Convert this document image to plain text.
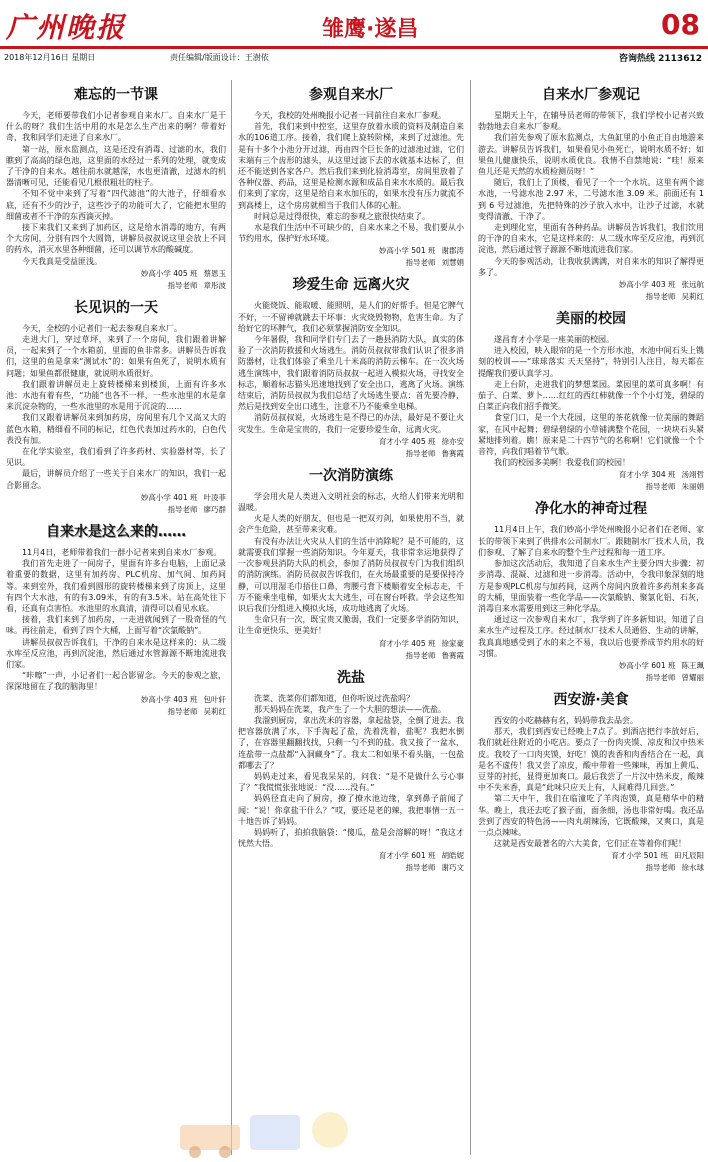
广州晚报	雏鹰·遂昌	08
2018年12月16日 星期日	责任编辑/版面设计：王澍依	咨询热线 2113612
难忘的一节课

今天，老师要带我们小记者参观自来水厂。自来水厂是干什么的呀？我们生活中用的水是怎么生产出来的啊？带着好奇，我和同学们走进了自来水厂。

第一站，原水监测点，这是还没有消毒、过滤的水，我们瞧到了高高的绿色池，这里面的水经过一系列的处理，就变成了干净的自来水。越往前水就越深，水也更清澈，过滤水的机器清晰可见，还能看见几根很粗壮的柱子。

不知不觉中来到了写着“四代滤池”的大池子，仔细看水底，还有不少的沙子，这些沙子的功能可大了，它能把水里的细菌或者不干净的东西滴灭掉。

接下来我们又来到了加药区，这是给水消毒的地方，有两个大房间，分别有四个大圆筒，讲解员叔叔说这里会放上不同的药水，消灭水里各种细菌，还可以调节水的酸碱度。

今天我真是受益匪浅。

妙高小学 405 班 蔡恩玉
指导老师 章彤波
长见识的一天

今天，全校的小记者们一起去参观自来水厂。

走进大门，穿过草坪，来到了一个房间，我们跟着讲解员，一起来到了一个水箱前，里面的鱼非常多。讲解员告诉我们，这里的鱼是拿来“测试水”的：如果有鱼死了，说明水质有问题；如果鱼都很健康，就说明水质很好。

我们跟着讲解员走上旋转楼梯来到楼顶，上面有许多水池：水池有着有些，“功能”也各不一样，一些水池里的水是拿来沉淀杂物的，一些水池里的水是用于沉淀的……

我们又跟着讲解员来到加药房，房间里有几个又高又大的蓝色水箱，精细看不同的标记，红色代表加过药水的，白色代表没有加。

在化学实验室，我们看到了许多药材、实验器材等，长了见识。

最后，讲解员介绍了一些关于自来水厂的知识，我们一起合影留念。

妙高小学 401 班 叶凌菲
指导老师 廖巧群
自来水是这么来的……

11月4日，老师带着我们一群小记者来到自来水厂参观。

我们首先走进了一间房子，里面有许多台电脑，上面记录着重要的数据，这里有加药房、PLC机房、加气间、加药间等。来到室外，我们看到圆形的旋转楼梯来到了房顶上，这里有四个大水池，有的有3.09米，有的有3.5米。站在高处往下看，还真有点害怕。水池里的水真清，清得可以看见水底。

接着，我们来到了加药房，一走进就闻到了一股奇怪的气味。再往前走，看到了四个大桶，上面写着“次氯酸钠”。

讲解员叔叔告诉我们，干净的自来水是这样来的：从二级水库至反应池，再到沉淀池，然后通过水管源源不断地流进我们家。

“咔嚓”一声，小记者们一起合影留念。今天的参观之旅，深深地留在了我的脑海里！

妙高小学 403 班 包叶轩
指导老师 吴莉红
参观自来水厂

今天，我校的处州晚报小记者一同前往自来水厂参观。

首先，我们来到中控室，这里存放着水质的资料及制造自来水的106道工序。接着，我们爬上旋转阶梯，来到了过滤池。先是有十多个小池分开过滤，再由四个巨长条的过滤池过滤，它们末端有三个齿形的滤头，从这里过滤下去的水就基本达标了，但还不能送到各家各户。然后我们来到化验消毒室，房间里放着了各种仪器、药品，这里是检测水源和成品自来水水质的。最后我们来到了家房，这里是给自来水加压的，如果水没有压力就流不到高楼上，这个房房就相当于我们人体的心脏。

时间总是过得很快，难忘的参观之旅很快结束了。

水是我们生活中不可缺少的，自来水来之不易，我们要从小节约用水，保护好水环境。

妙高小学 501 班 谢郡涛
指导老师 刘慧娟
珍爱生命 远离火灾

火能烧饭、能取暖、能照明，是人们的好帮手。但是它脾气不好，一不留神就跳去干坏事：火灾烧毁物物，危害生命。为了给好它的坏脾气，我们必须掌握消防安全知识。

今年暑假，我和同学们专门去了一趟县消防大队，真实的体验了一次消防救援和火场逃生。消防员叔叔带我们认识了很多消防器材，让我们体验了乘坐几十米高的消防云梯车。在一次火场逃生演练中，我们跟着消防员叔叔一起进入模拟火场，寻找安全标志，顺着标志猫头迅速地找到了安全出口，逃离了火场。演练结束后，消防员叔叔为我们总结了火场逃生要点：首先要冷静，然后是找到安全出口逃生，注意不乃不能乘坐电梯。

消防员叔叔说，火场逃生是不得已的办法，最好是不要让火灾发生。生命是宝贵的，我们一定要珍爱生命，远离火灾。

育才小学 405 班 徐亦安
指导老师 鲁赛霞
一次消防演练

学会用火是人类进入文明社会的标志，火给人们带来光明和温暖。

火是人类的好朋友，但也是一把双刃剑，如果使用不当，就会产生危险，甚至带来灾难。

有没有办法让火灾从人们的生活中消除呢？是不可能的，这就需要我们掌握一些消防知识。今年夏天，我非常幸运地获得了一次参观县消防大队的机会，参加了消防员叔叔专门为我们组织的消防演练。消防员叔叔告诉我们，在火场最重要的是要保持冷静，可以用湿毛巾捂住口鼻，弯腰弓背下楼顺着安全标志走，千万不能乘坐电梯，如果火太大逃生，可在窗台呼救。学会这些知识后我们分组进入模拟火场，成功地逃离了火场。

生命只有一次，既宝贵又脆弱，我们一定要多学消防知识，让生命更快乐、更美好！

育才小学 405 班 徐家豪
指导老师 鲁赛霞
洗盐

洗菜、洗菜你们都知道，但你听说过洗盐吗？

那天妈妈在洗菜，我产生了一个大胆的想法——洗盐。

我溜到厨房，拿出洗米的容器，拿起盐袋，全倒了进去。我把容器放满了水，下手淘起了盐，洗着洗着，盐呢？我把水倒了，在容器里翻翻找找，只剩一勺不到的盐。我又接了一盆水，连盐带一点盐都“入洞藏身”了。我太二和如果不看头脑，一包盐都哪去了？

妈妈走过来，看见我呆呆的，问我：“是不是做什么亏心事了？”我慌慌张张地说：“没……没有。”

妈妈径直走向了厨房，撩了撩水池边缘，拿到鼻子前闻了闻：“说！你拿盐干什么？”哎，要还是老的辣，我把事情一五一十地告诉了妈妈。

妈妈听了，拍拍我脑袋：“傻瓜，盐是会溶解的呀！”我这才恍然大悟。

育才小学 601 班 胡皓妮
指导老师 谢巧文
自来水厂参观记

星期天上午，在辅导员老师的带领下，我们学校小记者兴致勃勃地去自来水厂参观。

我们首先参观了原水监测点，大鱼缸里的小鱼正自由地游来游去。讲解员告诉我们，如果看见小鱼死亡，说明水质不好；如果鱼儿健康快乐，说明水质优良。我情不自禁地说：“哇！原来鱼儿还是天然的水质检测员呀！”

随后，我们上了顶楼，看见了一个一个水坑。这里有两个滤水池，一号滤水池 2.97 米，二号滤水池 3.09 米。前面还有 1 到 6 号过滤池，先把特殊的沙子放入水中，让沙子过滤，水就变得清澈、干净了。

走到理化室，里面有各种药品。讲解员告诉我们，我们饮用的干净的自来水，它是这样来的：从二级水库至反应池，再到沉淀池，然后通过管子源源不断地流进我们家。

今天的参观活动，让我收获满满，对自来水的知识了解得更多了。

妙高小学 403 班 张远航
指导老师 吴莉红
美丽的校园

遂昌育才小学是一座美丽的校园。

进入校园，映入眼帘的是一个方形水池，水池中间石头上镌刻的校训——“球球落实 天天坚持”，特别引人注目，每天都在提醒我们要认真学习。

走上台阶，走进我们的梦想菜园。菜园里的菜可真多啊！有茄子、白菜、萝卜……红红的西红柿就像一个个小灯笼，碧绿的白菜正向我们招手微笑。

食堂门口，是一个大花园，这里的茶花就像一位美丽的舞蹈家，在风中起舞；碧绿碧绿的小草铺满整个花园，一块块石头紧紧地排列着。瞧！原来是二十四节气的名称啊！它们就像一个个音符，向我们唱着节气歌。

我们的校园多美啊！我爱我们的校园！

育才小学 304 班 汤翊哲
指导老师 朱丽娟
净化水的神奇过程

11月4日上午，我们妙高小学处州晚报小记者们在老师、家长的带领下来到了供排水公司制水厂。跟随制水厂技术人员，我们参观、了解了自来水的整个生产过程和每一道工序。

参加这次活动后，我知道了自来水生产主要分四大步骤：初步消毒、混凝、过滤和进一步消毒。活动中，令我印象深刻的地方是参观PLC机房与加药间，这两个房间内放着许多药剂来多高的大桶，里面装着一些化学品——次氯酸钠、聚氯化铝、石灰，消毒自来水需要用到这三种化学品。

通过这一次参观自来水厂，我学到了许多新知识，知道了自来水生产过程及工序。经过制水厂技术人员通俗、生动的讲解，我真真地感受到了水的来之不易，我以后也要养成节约用水的好习惯。

妙高小学 601 班 陈王珮
指导老师 曾耀丽
西安游·美食

西安的小吃赫赫有名，妈妈带我去品尝。

那天，我们到西安已经晚上7点了。到酒店把行李放好后，我们就赶往附近的小吃店。要点了一份肉夹馍、凉皮和汉中热米皮。我咬了一口肉夹馍，好吃！馍的表香和肉香结合在一起，真是名不虚传！我又尝了凉皮，酸中带着一些辣味，再加上黄瓜、豆芽的衬托，显得更加爽口。最后我尝了一片汉中热米皮，酸辣中不失米香，真是“此味只应天上有，人间难得几回尝。”

第二天中午，我们在临潼吃了羊肉泡馍，真是精华中的精华。晚上，我还去吃了猴子面，面条细，汤也非常好喝。我还品尝到了西安的特色汤——肉丸胡辣汤，它既酸辣，又爽口，真是一点点辣味。

这就是西安最著名的六大美食，它们正在等着你们呢！

育才小学 501 班 田凡辰阳
指导老师 徐水球
